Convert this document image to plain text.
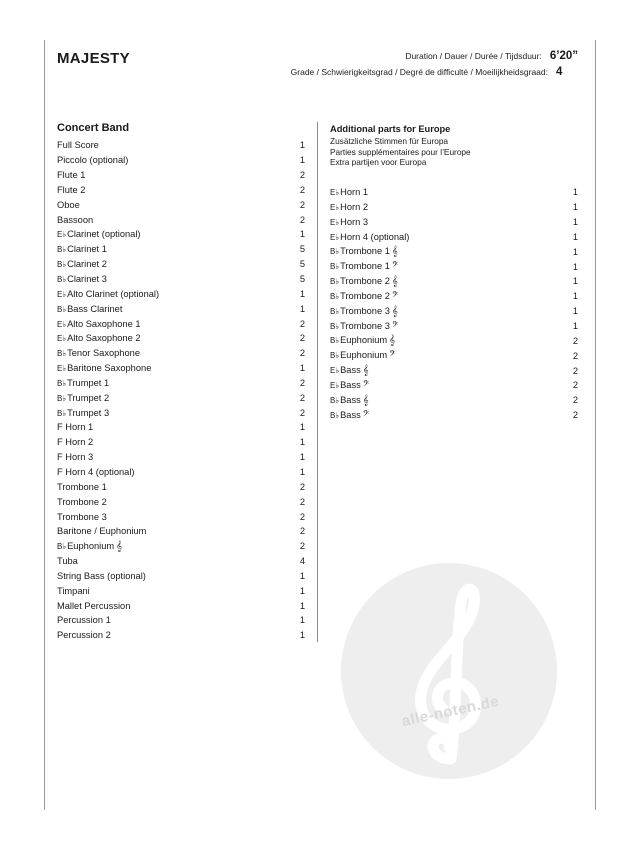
MAJESTY	Duration / Dauer / Durée / Tijdsduur: 6’20”
Grade / Schwierigkeitsgrad / Degré de difficulté / Moeilijkheidsgraad: 4
Concert Band
Full Score	1
Piccolo (optional)	1
Flute 1	2
Flute 2	2
Oboe	2
Bassoon	2
E♭Clarinet (optional)	1
B♭Clarinet 1	5
B♭Clarinet 2	5
B♭Clarinet 3	5
E♭Alto Clarinet (optional)	1
B♭Bass Clarinet	1
E♭Alto Saxophone 1	2
E♭Alto Saxophone 2	2
B♭Tenor Saxophone	2
E♭Baritone Saxophone	1
B♭Trumpet 1	2
B♭Trumpet 2	2
B♭Trumpet 3	2
F Horn 1	1
F Horn 2	1
F Horn 3	1
F Horn 4 (optional)	1
Trombone 1	2
Trombone 2	2
Trombone 3	2
Baritone / Euphonium	2
B♭Euphonium 𝄞	2
Tuba	4
String Bass (optional)	1
Timpani	1
Mallet Percussion	1
Percussion 1	1
Percussion 2	1
Additional parts for Europe
Zusätzliche Stimmen für Europa
Parties supplémentaires pour l’Europe
Extra partijen voor Europa
E♭Horn 1	1
E♭Horn 2	1
E♭Horn 3	1
E♭Horn 4 (optional)	1
B♭Trombone 1 𝄞	1
B♭Trombone 1 𝄢	1
B♭Trombone 2 𝄞	1
B♭Trombone 2 𝄢	1
B♭Trombone 3 𝄞	1
B♭Trombone 3 𝄢	1
B♭Euphonium 𝄞	2
B♭Euphonium 𝄢	2
E♭Bass 𝄞	2
E♭Bass 𝄢	2
B♭Bass 𝄞	2
B♭Bass 𝄢	2
alle-noten.de
